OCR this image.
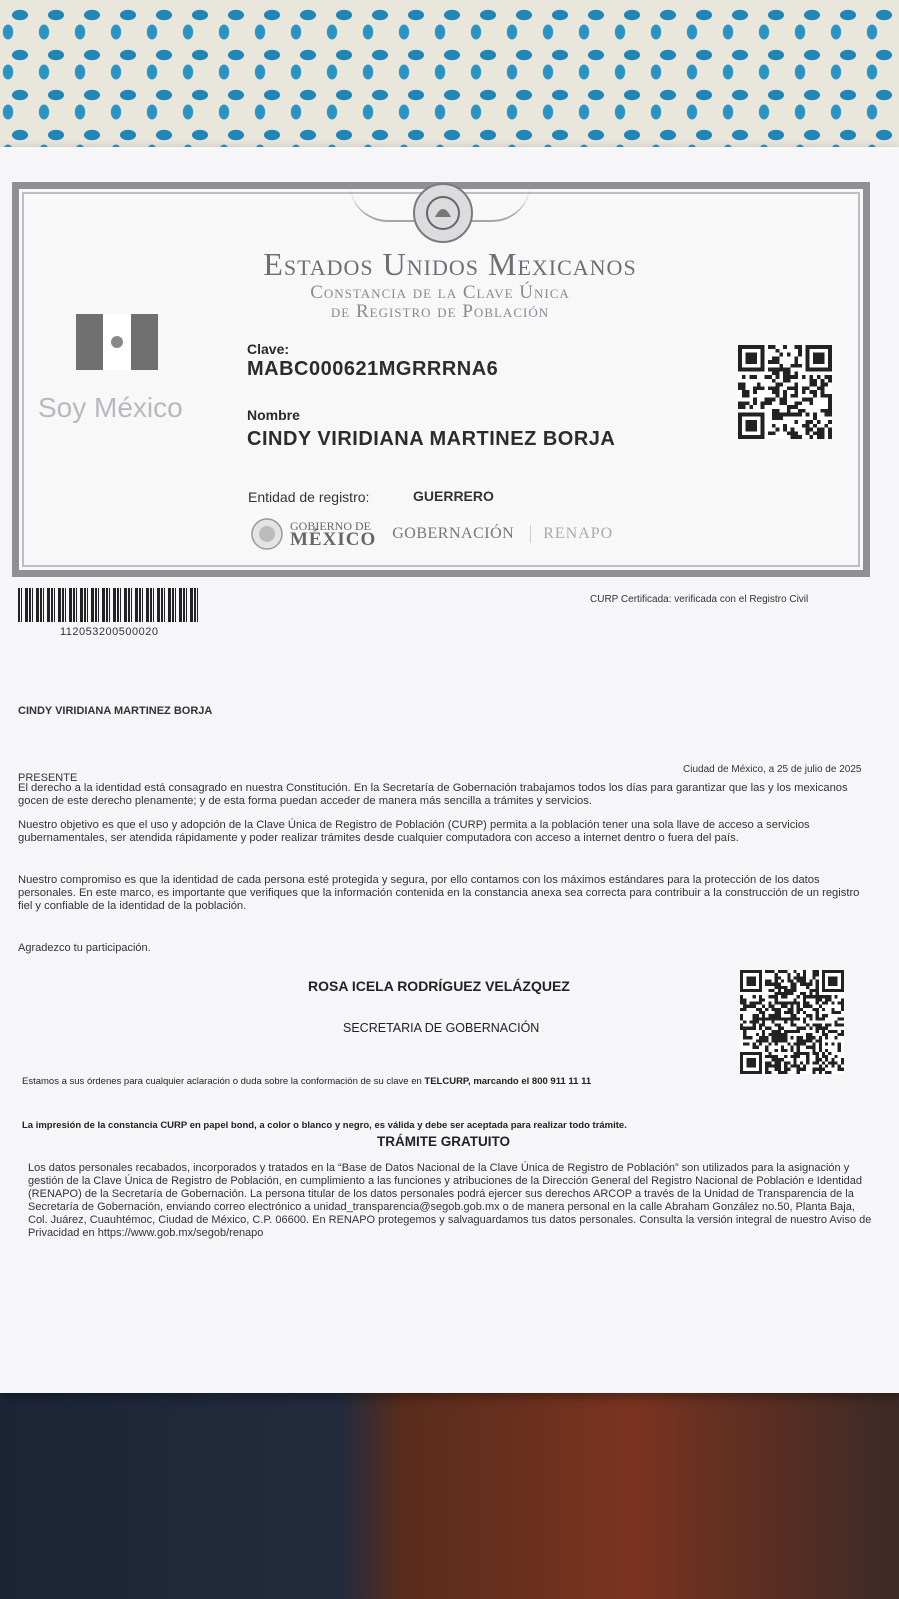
Estados Unidos Mexicanos
Constancia de la Clave Única
de Registro de Población
Soy México
Clave:
MABC000621MGRRRNA6
Nombre
CINDY VIRIDIANA MARTINEZ BORJA
Entidad de registro:	GUERRERO
GOBIERNO DE
MÉXICO GOBERNACIÓN	RENAPO
112053200500020
CURP Certificada: verificada con el Registro Civil
CINDY VIRIDIANA MARTINEZ BORJA
Ciudad de México, a 25 de julio de 2025
PRESENTE
El derecho a la identidad está consagrado en nuestra Constitución. En la Secretaría de Gobernación trabajamos todos los días para garantizar que las y los mexicanos gocen de este derecho plenamente; y de esta forma puedan acceder de manera más sencilla a trámites y servicios.
Nuestro objetivo es que el uso y adopción de la Clave Única de Registro de Población (CURP) permita a la población tener una sola llave de acceso a servicios gubernamentales, ser atendida rápidamente y poder realizar trámites desde cualquier computadora con acceso a internet dentro o fuera del país.
Nuestro compromiso es que la identidad de cada persona esté protegida y segura, por ello contamos con los máximos estándares para la protección de los datos personales. En este marco, es importante que verifiques que la información contenida en la constancia anexa sea correcta para contribuir a la construcción de un registro fiel y confiable de la identidad de la población.
Agradezco tu participación.
ROSA ICELA RODRÍGUEZ VELÁZQUEZ
SECRETARIA DE GOBERNACIÓN
Estamos a sus órdenes para cualquier aclaración o duda sobre la conformación de su clave en TELCURP, marcando el 800 911 11 11
La impresión de la constancia CURP en papel bond, a color o blanco y negro, es válida y debe ser aceptada para realizar todo trámite.
TRÁMITE GRATUITO
Los datos personales recabados, incorporados y tratados en la “Base de Datos Nacional de la Clave Única de Registro de Población” son utilizados para la asignación y gestión de la Clave Única de Registro de Población, en cumplimiento a las funciones y atribuciones de la Dirección General del Registro Nacional de Población e Identidad (RENAPO) de la Secretaría de Gobernación. La persona titular de los datos personales podrá ejercer sus derechos ARCOP a través de la Unidad de Transparencia de la Secretaría de Gobernación, enviando correo electrónico a unidad_transparencia@segob.gob.mx o de manera personal en la calle Abraham González no.50, Planta Baja, Col. Juárez, Cuauhtémoc, Ciudad de México, C.P. 06600. En RENAPO protegemos y salvaguardamos tus datos personales. Consulta la versión integral de nuestro Aviso de Privacidad en https://www.gob.mx/segob/renapo
